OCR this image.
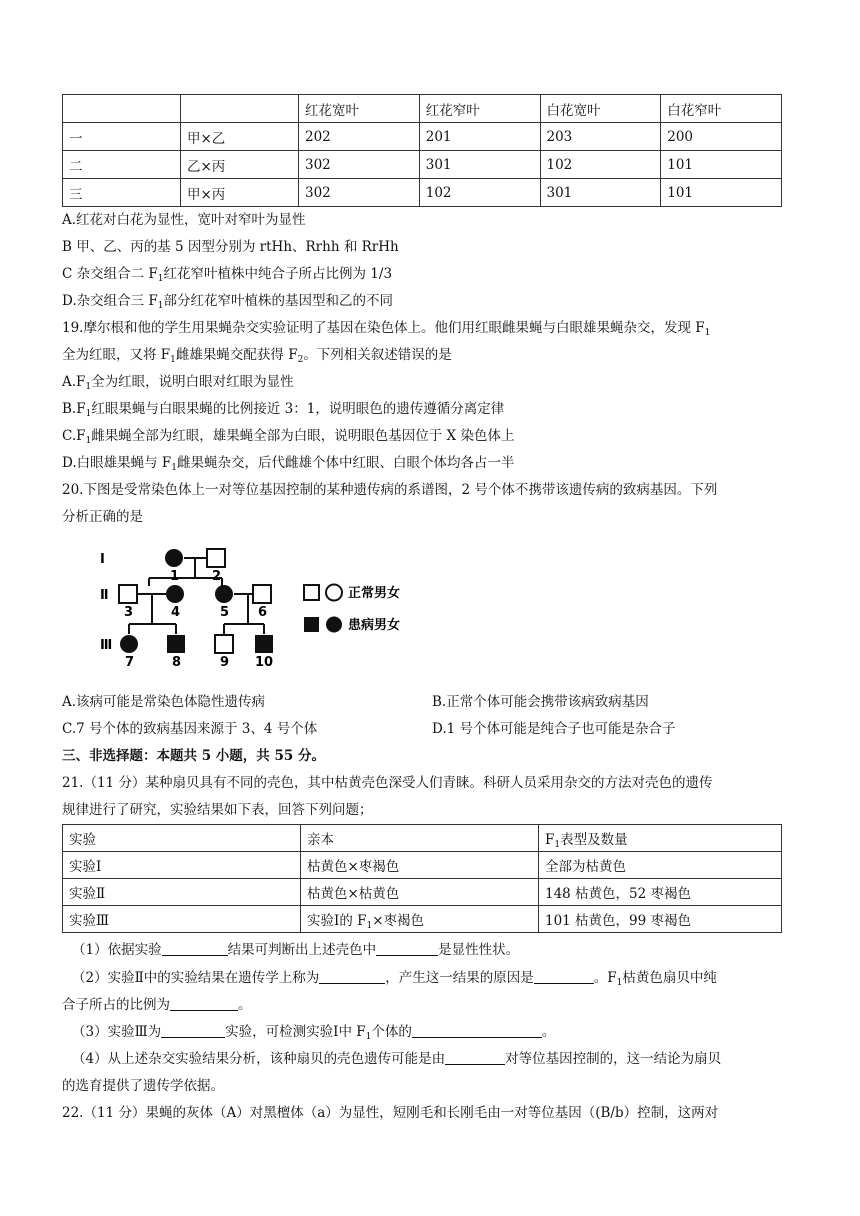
		红花宽叶	红花窄叶	白花宽叶	白花窄叶
一	甲×乙	202	201	203	200
二	乙×丙	302	301	102	101
三	甲×丙	302	102	301	101
A.红花对白花为显性，宽叶对窄叶为显性
B 甲、乙、丙的基 5 因型分别为 rtHh、Rrhh 和 RrHh
C 杂交组合二 $F_1$红花窄叶植株中纯合子所占比例为 1/3
D.杂交组合三 $F_1$部分红花窄叶植株的基因型和乙的不同
19.摩尔根和他的学生用果蝇杂交实验证明了基因在染色体上。他们用红眼雌果蝇与白眼雄果蝇杂交，发现 $F_1$
全为红眼，又将 $F_1$雌雄果蝇交配获得 $F_2$。下列相关叙述错误的是
$A.F_1$全为红眼，说明白眼对红眼为显性
$B.F_1$红眼果蝇与白眼果蝇的比例接近 3：1，说明眼色的遗传遵循分离定律
$C.F_1$雌果蝇全部为红眼，雄果蝇全部为白眼，说明眼色基因位于 X 染色体上
D.白眼雄果蝇与 $F_1$雌果蝇杂交，后代雌雄个体中红眼、白眼个体均各占一半
20.下图是受常染色体上一对等位基因控制的某种遗传病的系谱图，2 号个体不携带该遗传病的致病基因。下列
分析正确的是
Ⅰ
Ⅱ
Ⅲ
1	2
3	4	5 6
7	8	9 10
正常男女
患病男女
A.该病可能是常染色体隐性遗传病	B.正常个体可能会携带该病致病基因
C.7 号个体的致病基因来源于 3、4 号个体	D.1 号个体可能是纯合子也可能是杂合子
三、非选择题：本题共 5 小题，共 55 分。
21.（11 分）某种扇贝具有不同的壳色，其中枯黄壳色深受人们青睐。科研人员采用杂交的方法对壳色的遗传
规律进行了研究，实验结果如下表，回答下列问题；
实验	亲本	$F_1$表型及数量
实验Ⅰ	枯黄色×枣褐色	全部为枯黄色
实验Ⅱ	枯黄色×枯黄色	148 枯黄色，52 枣褐色
实验Ⅲ	实验Ⅰ的 $F_1\times$枣褐色	101 枯黄色，99 枣褐色
（1）依据实验	结果可判断出上述壳色中	是显性性状。
（2）实验Ⅱ中的实验结果在遗传学上称为	，产生这一结果的原因是	。$F_1$枯黄色扇贝中纯
合子所占的比例为	。
（3）实验Ⅲ为	实验，可检测实验Ⅰ中 $F_1$个体的	。
（4）从上述杂交实验结果分析，该种扇贝的壳色遗传可能是由	对等位基因控制的，这一结论为扇贝
的选育提供了遗传学依据。
22.（11 分）果蝇的灰体（A）对黑檀体（a）为显性，短刚毛和长刚毛由一对等位基因（(B/b）控制，这两对
